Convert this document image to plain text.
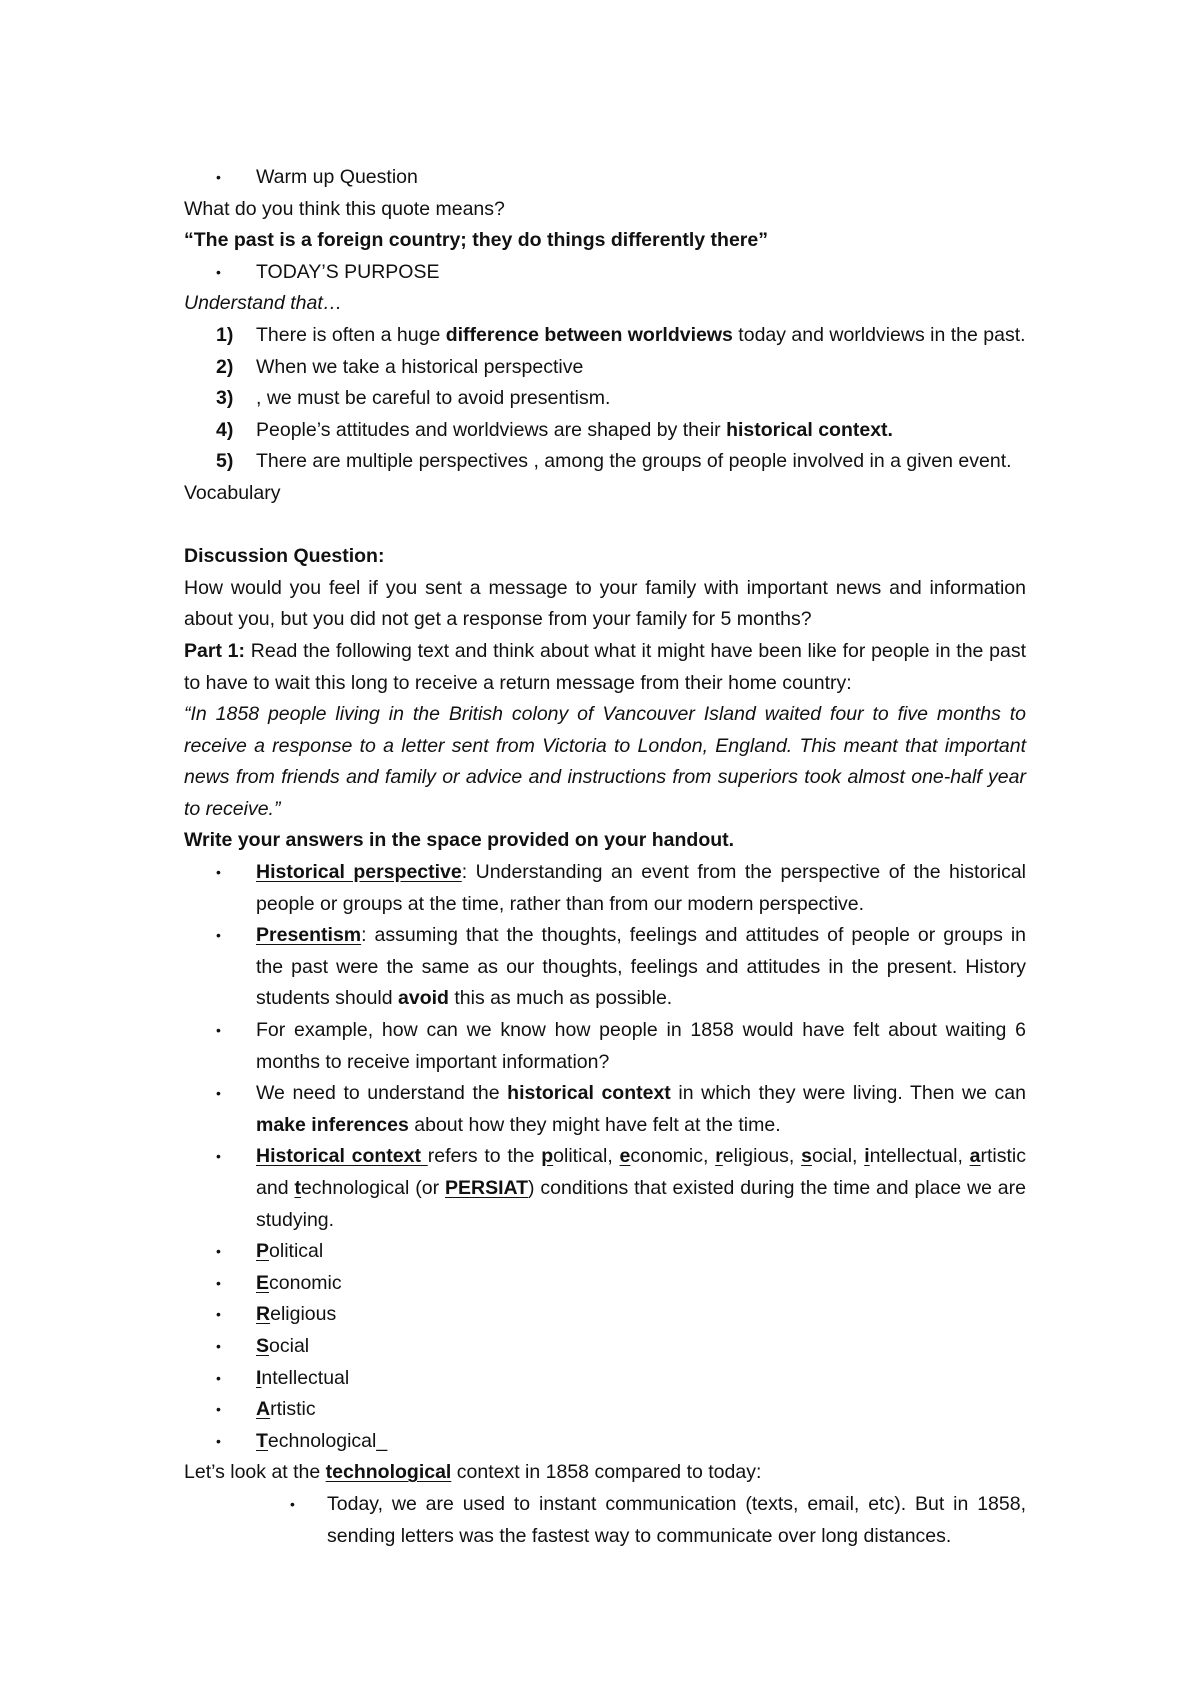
•	Warm up Question
What do you think this quote means?
“The past is a foreign country; they do things differently there”
•	TODAY’S PURPOSE
Understand that…
1) There is often a huge difference between worldviews today and worldviews in the past.
2) When we take a historical perspective
3) , we must be careful to avoid presentism.
4) People’s attitudes and worldviews are shaped by their historical context.
5) There are multiple perspectives , among the groups of people involved in a given event.
Vocabulary
Discussion Question:
How would you feel if you sent a message to your family with important news and information about you, but you did not get a response from your family for 5 months?
Part 1: Read the following text and think about what it might have been like for people in the past to have to wait this long to receive a return message from their home country:
“In 1858 people living in the British colony of Vancouver Island waited four to five months to receive a response to a letter sent from Victoria to London, England. This meant that important news from friends and family or advice and instructions from superiors took almost one-half year to receive.”
Write your answers in the space provided on your handout.
•	Historical perspective: Understanding an event from the perspective of the historical people or groups at the time, rather than from our modern perspective.
•	Presentism: assuming that the thoughts, feelings and attitudes of people or groups in the past were the same as our thoughts, feelings and attitudes in the present. History students should avoid this as much as possible.
•	For example, how can we know how people in 1858 would have felt about waiting 6 months to receive important information?
•	We need to understand the historical context in which they were living. Then we can make inferences about how they might have felt at the time.
•	Historical context refers to the political, economic, religious, social, intellectual, artistic and technological (or PERSIAT) conditions that existed during the time and place we are studying.
•	Political
•	Economic
•	Religious
•	Social
•	Intellectual
•	Artistic
•	Technological_
Let’s look at the technological context in 1858 compared to today:
• Today, we are used to instant communication (texts, email, etc). But in 1858, sending letters was the fastest way to communicate over long distances.
